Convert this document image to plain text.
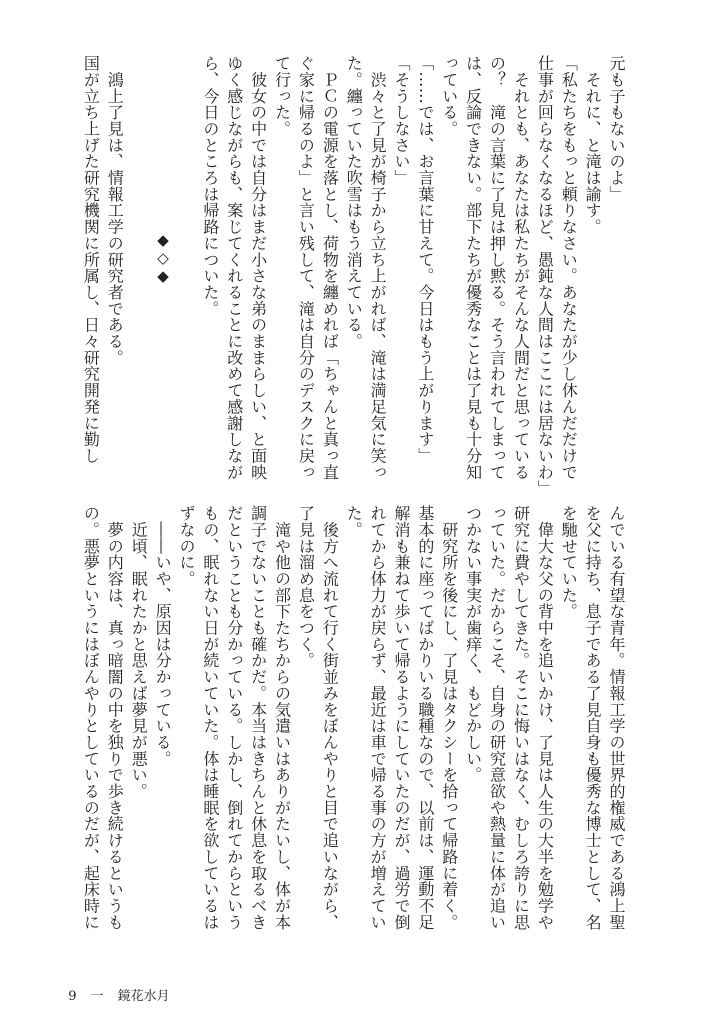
元も子もないのよ」
　それに、と滝は諭す。
「私たちをもっと頼りなさい。あなたが少し休んだだけで
仕事が回らなくなるほど、愚鈍な人間はここには居ないわ」
　それとも、あなたは私たちがそんな人間だと思っている
の？　滝の言葉に了見は押し黙る。そう言われてしまって
は、反論できない。部下たちが優秀なことは了見も十分知
っている。
「……では、お言葉に甘えて。今日はもう上がります」
「そうしなさい」
　渋々と了見が椅子から立ち上がれば、滝は満足気に笑っ
た。纏っていた吹雪はもう消えている。
　ＰＣの電源を落とし、荷物を纏めれば「ちゃんと真っ直
ぐ家に帰るのよ」と言い残して、滝は自分のデスクに戻っ
て行った。
　彼女の中では自分はまだ小さな弟のままらしい、と面映
ゆく感じながらも、案じてくれることに改めて感謝しなが
ら、今日のところは帰路についた。
◆◇◆
　鴻上了見は、情報工学の研究者である。
国が立ち上げた研究機関に所属し、日々研究開発に勤し
んでいる有望な青年。情報工学の世界的権威である鴻上聖
を父に持ち、息子である了見自身も優秀な博士として、名
を馳せていた。
　偉大な父の背中を追いかけ、了見は人生の大半を勉学や
研究に費やしてきた。そこに悔いはなく、むしろ誇りに思
っていた。だからこそ、自身の研究意欲や熱量に体が追い
つかない事実が歯痒く、もどかしい。
　研究所を後にし、了見はタクシーを拾って帰路に着く。
基本的に座ってばかりいる職種なので、以前は、運動不足
解消も兼ねて歩いて帰るようにしていたのだが、過労で倒
れてから体力が戻らず、最近は車で帰る事の方が増えてい
た。
　後方へ流れて行く街並みをぼんやりと目で追いながら、
了見は溜め息をつく。
　滝や他の部下たちからの気遣いはありがたいし、体が本
調子でないことも確かだ。本当はきちんと休息を取るべき
だということも分かっている。しかし、倒れてからという
もの、眠れない日が続いていた。体は睡眠を欲しているは
ずなのに。
　――いや、原因は分かっている。
　近頃、眠れたかと思えば夢見が悪い。
　夢の内容は、真っ暗闇の中を独りで歩き続けるというも
の。悪夢というにはぼんやりとしているのだが、起床時に

9 一 鏡花水月
